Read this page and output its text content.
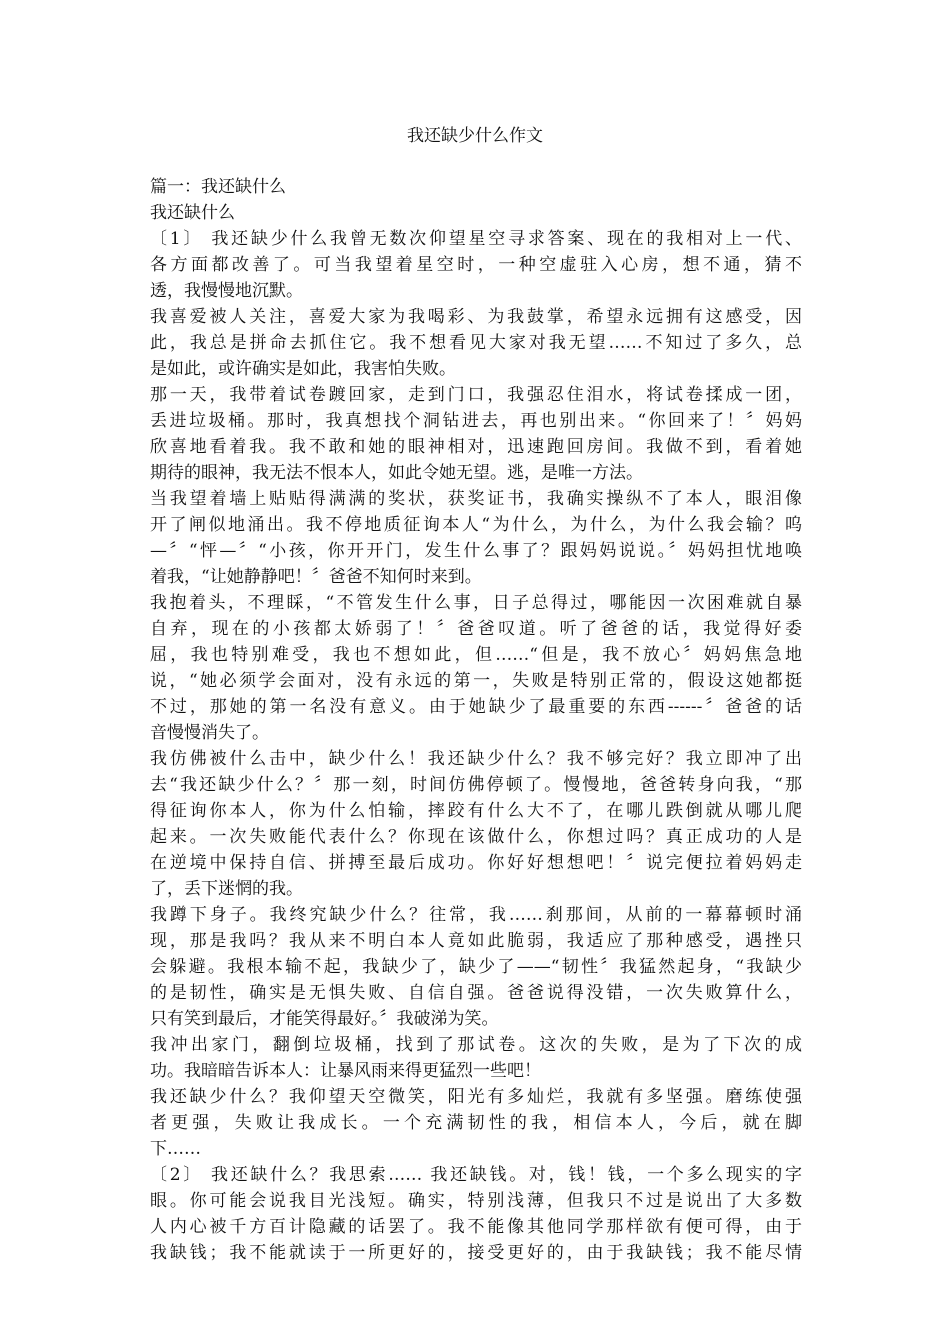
我还缺少什么作文

篇一：我还缺什么

我还缺什么

〔1〕 我还缺少什么我曾无数次仰望星空寻求答案、现在的我相对上一代、

各方面都改善了。可当我望着星空时，一种空虚驻入心房，想不通，猜不

透，我慢慢地沉默。

我喜爱被人关注，喜爱大家为我喝彩、为我鼓掌，希望永远拥有这感受，因

此，我总是拼命去抓住它。我不想看见大家对我无望……不知过了多久，总

是如此，或许确实是如此，我害怕失败。

那一天，我带着试卷踱回家，走到门口，我强忍住泪水，将试卷揉成一团，

丢进垃圾桶。那时，我真想找个洞钻进去，再也别出来。“你回来了！〞妈妈

欣喜地看着我。我不敢和她的眼神相对，迅速跑回房间。我做不到，看着她

期待的眼神，我无法不恨本人，如此令她无望。逃，是唯一方法。

当我望着墙上贴贴得满满的奖状，获奖证书，我确实操纵不了本人，眼泪像

开了闸似地涌出。我不停地质征询本人“为什么，为什么，为什么我会输？呜

—〞“怦—〞“小孩，你开开门，发生什么事了？跟妈妈说说。〞妈妈担忧地唤

着我，“让她静静吧！〞爸爸不知何时来到。

我抱着头，不理睬，“不管发生什么事，日子总得过，哪能因一次困难就自暴

自弃，现在的小孩都太娇弱了！〞爸爸叹道。听了爸爸的话，我觉得好委

屈，我也特别难受，我也不想如此，但……“但是，我不放心〞妈妈焦急地

说，“她必须学会面对，没有永远的第一，失败是特别正常的，假设这她都挺

不过，那她的第一名没有意义。由于她缺少了最重要的东西------〞爸爸的话

音慢慢消失了。

我仿佛被什么击中，缺少什么！我还缺少什么？我不够完好？我立即冲了出

去“我还缺少什么？〞那一刻，时间仿佛停顿了。慢慢地，爸爸转身向我，“那

得征询你本人，你为什么怕输，摔跤有什么大不了，在哪儿跌倒就从哪儿爬

起来。一次失败能代表什么？你现在该做什么，你想过吗？真正成功的人是

在逆境中保持自信、拼搏至最后成功。你好好想想吧！〞说完便拉着妈妈走

了，丢下迷惘的我。

我蹲下身子。我终究缺少什么？往常，我……刹那间，从前的一幕幕顿时涌

现，那是我吗？我从来不明白本人竟如此脆弱，我适应了那种感受，遇挫只

会躲避。我根本输不起，我缺少了，缺少了——“韧性〞我猛然起身，“我缺少

的是韧性，确实是无惧失败、自信自强。爸爸说得没错，一次失败算什么，

只有笑到最后，才能笑得最好。〞我破涕为笑。

我冲出家门，翻倒垃圾桶，找到了那试卷。这次的失败，是为了下次的成

功。我暗暗告诉本人：让暴风雨来得更猛烈一些吧！

我还缺少什么？我仰望天空微笑，阳光有多灿烂，我就有多坚强。磨练使强

者更强，失败让我成长。一个充满韧性的我，相信本人，今后，就在脚

下……

〔2〕 我还缺什么？我思索…… 我还缺钱。对，钱！钱，一个多么现实的字

眼。你可能会说我目光浅短。确实，特别浅薄，但我只不过是说出了大多数

人内心被千方百计隐藏的话罢了。我不能像其他同学那样欲有便可得，由于

我缺钱；我不能就读于一所更好的，接受更好的，由于我缺钱；我不能尽情
